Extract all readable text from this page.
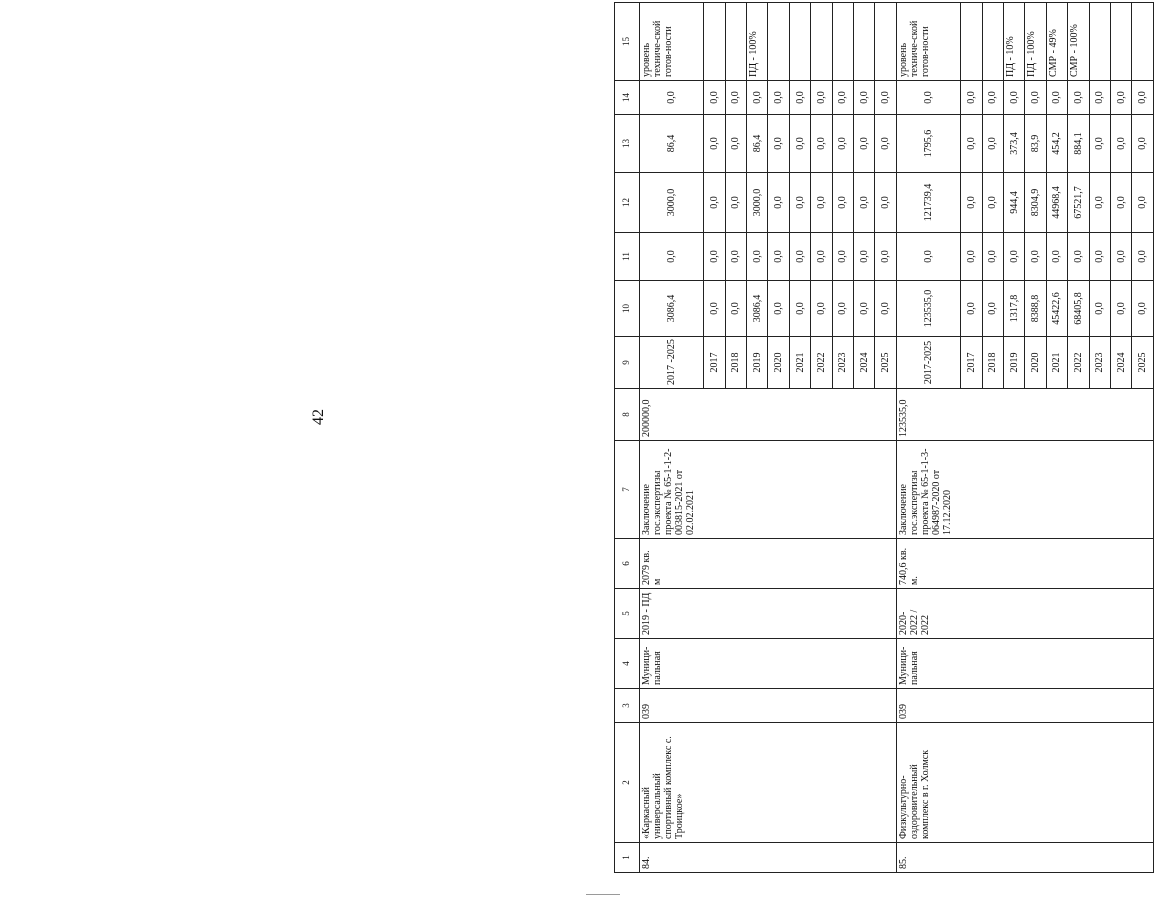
42
1	2	3	4	5	6	7	8	9	10	11	12	13	14	15
84.	«Каркасный универсальный спортивный комплекс с. Троицкое»	039	Муници-пальная	2019 - ПД	2079 кв. м	Заключение гос.экспертизы проекта № 65-1-1-2-003815-2021 от 02.02.2021	200000,0	2017 -2025	3086,4	0,0	3000,0	86,4	0,0	уровень техниче-ской готов-ности
								2017	0,0	0,0	0,0	0,0	0,0	
								2018	0,0	0,0	0,0	0,0	0,0	
								2019	3086,4	0,0	3000,0	86,4	0,0	ПД - 100%
								2020	0,0	0,0	0,0	0,0	0,0	
								2021	0,0	0,0	0,0	0,0	0,0	
								2022	0,0	0,0	0,0	0,0	0,0	
								2023	0,0	0,0	0,0	0,0	0,0	
								2024	0,0	0,0	0,0	0,0	0,0	
								2025	0,0	0,0	0,0	0,0	0,0	
85.	Физкультурно-оздоровительный комплекс в г. Холмск	039	Муници-пальная	2020-2022 / 2022	740,6 кв. м.	Заключение гос.экспертизы проекта № 65-1-1-3-064987-2020 от 17.12.2020	123535,0	2017-2025	123535,0	0,0	121739,4	1795,6	0,0	уровень техниче-ской готов-ности
								2017	0,0	0,0	0,0	0,0	0,0	
								2018	0,0	0,0	0,0	0,0	0,0	
								2019	1317,8	0,0	944,4	373,4	0,0	ПД - 10%
								2020	8388,8	0,0	8304,9	83,9	0,0	ПД - 100%
								2021	45422,6	0,0	44968,4	454,2	0,0	СМР - 49%
								2022	68405,8	0,0	67521,7	884,1	0,0	СМР - 100%
								2023	0,0	0,0	0,0	0,0	0,0	
								2024	0,0	0,0	0,0	0,0	0,0	
								2025	0,0	0,0	0,0	0,0	0,0	
